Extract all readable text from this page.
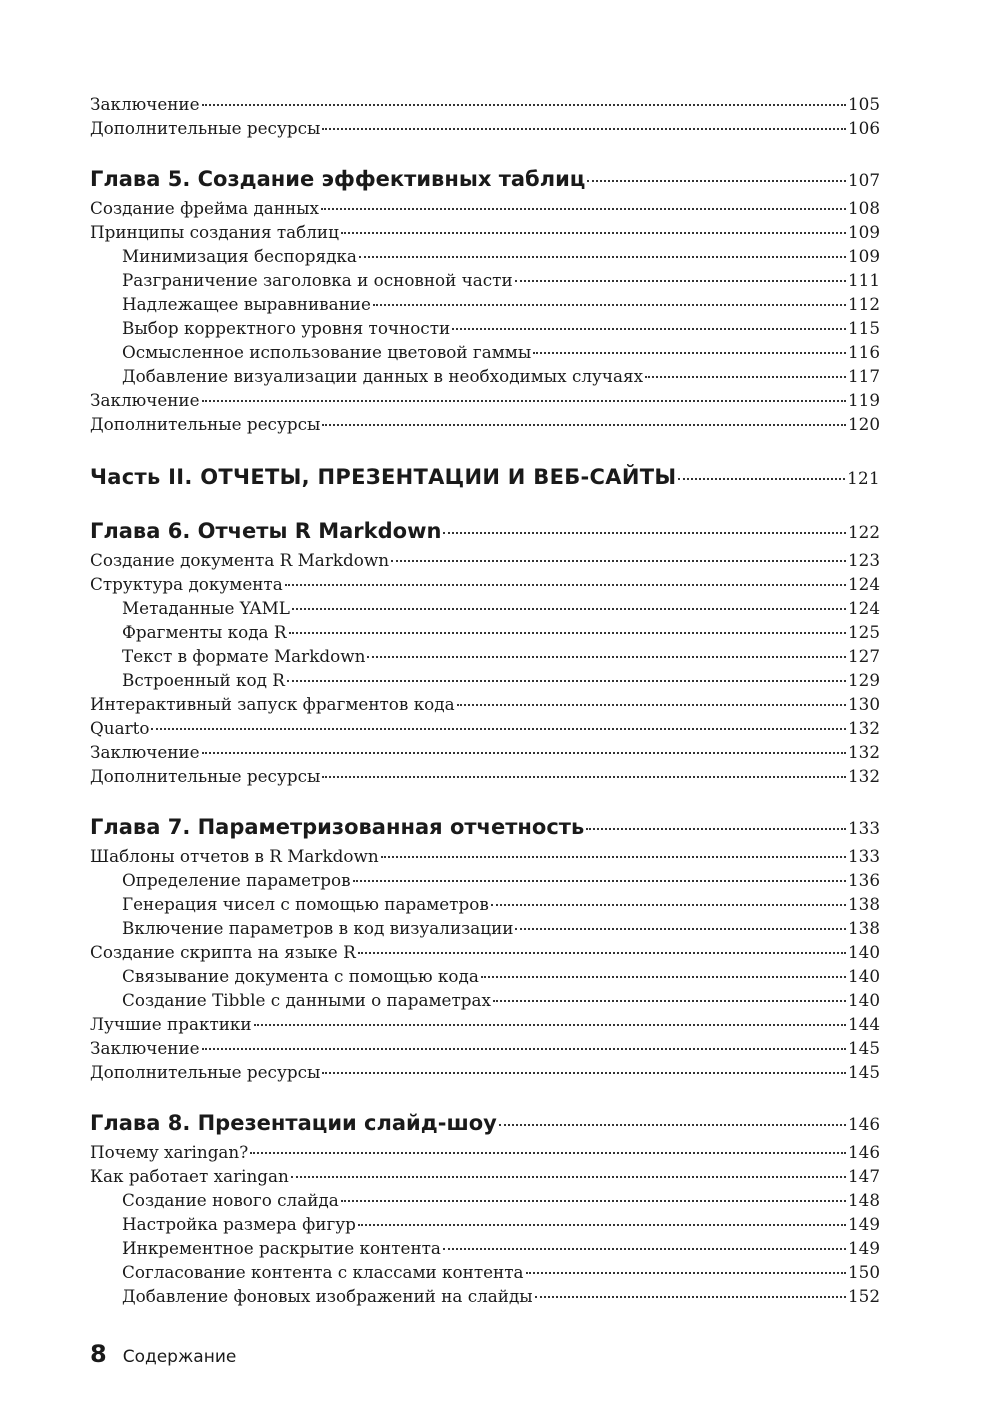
Заключение	105
Дополнительные ресурсы	106
Глава 5. Создание эффективных таблиц	107
Создание фрейма данных	108
Принципы создания таблиц	109
Минимизация беспорядка	109
Разграничение заголовка и основной части	111
Надлежащее выравнивание	112
Выбор корректного уровня точности	115
Осмысленное использование цветовой гаммы	116
Добавление визуализации данных в необходимых случаях	117
Заключение	119
Дополнительные ресурсы	120
Часть II. ОТЧЕТЫ, ПРЕЗЕНТАЦИИ И ВЕБ-САЙТЫ	121
Глава 6. Отчеты R Markdown	122
Создание документа R Markdown	123
Структура документа	124
Метаданные YAML	124
Фрагменты кода R	125
Текст в формате Markdown	127
Встроенный код R	129
Интерактивный запуск фрагментов кода	130
Quarto	132
Заключение	132
Дополнительные ресурсы	132
Глава 7. Параметризованная отчетность	133
Шаблоны отчетов в R Markdown	133
Определение параметров	136
Генерация чисел с помощью параметров	138
Включение параметров в код визуализации	138
Создание скрипта на языке R	140
Связывание документа с помощью кода	140
Создание Tibble с данными о параметрах	140
Лучшие практики	144
Заключение	145
Дополнительные ресурсы	145
Глава 8. Презентации слайд-шоу	146
Почему xaringan?	146
Как работает xaringan	147
Создание нового слайда	148
Настройка размера фигур	149
Инкрементное раскрытие контента	149
Согласование контента с классами контента	150
Добавление фоновых изображений на слайды	152
8 Содержание
